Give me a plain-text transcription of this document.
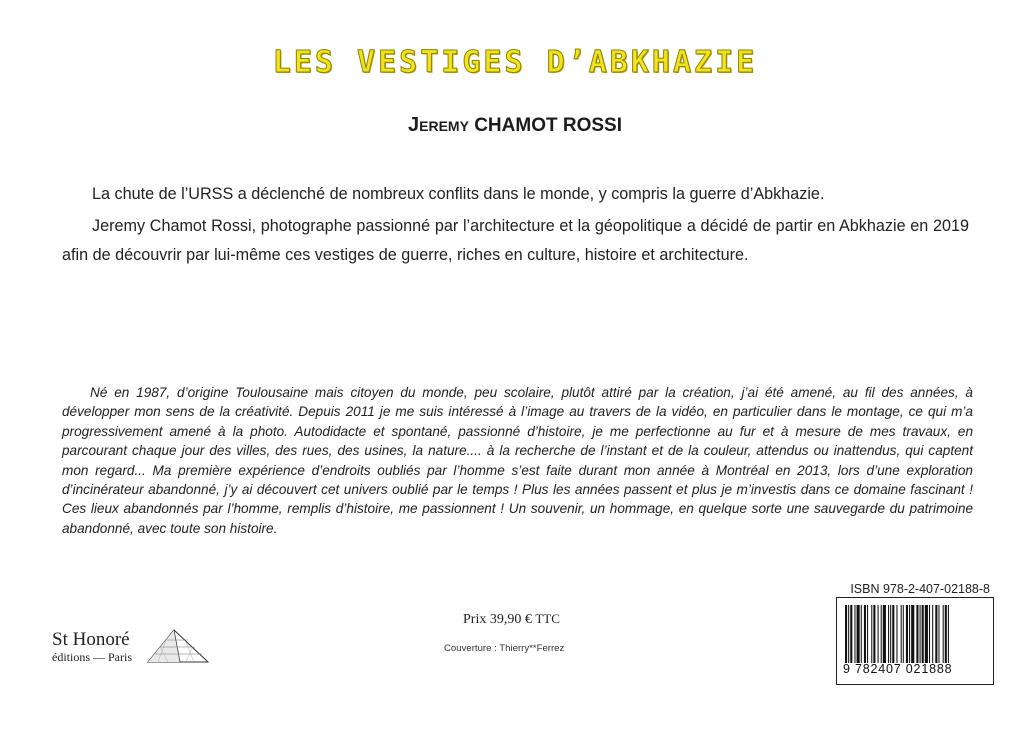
LES VESTIGES D’ABKHAZIE
Jeremy CHAMOT ROSSI

La chute de l’URSS a déclenché de nombreux conflits dans le monde, y compris la guerre d’Abkhazie.

Jeremy Chamot Rossi, photographe passionné par l’architecture et la géopolitique a décidé de partir en Abkhazie en 2019 afin de découvrir par lui-même ces vestiges de guerre, riches en culture, histoire et architecture.

Né en 1987, d’origine Toulousaine mais citoyen du monde, peu scolaire, plutôt attiré par la création, j’ai été amené, au fil des années, à développer mon sens de la créativité. Depuis 2011 je me suis intéressé à l’image au travers de la vidéo, en particulier dans le montage, ce qui m’a progressivement amené à la photo. Autodidacte et spontané, passionné d’histoire, je me perfectionne au fur et à mesure de mes travaux, en parcourant chaque jour des villes, des rues, des usines, la nature.... à la recherche de l’instant et de la couleur, attendus ou inattendus, qui captent mon regard... Ma première expérience d’endroits oubliés par l’homme s’est faite durant mon année à Montréal en 2013, lors d’une exploration d’incinérateur abandonné, j’y ai découvert cet univers oublié par le temps ! Plus les années passent et plus je m’investis dans ce domaine fascinant ! Ces lieux abandonnés par l’homme, remplis d’histoire, me passionnent ! Un souvenir, un hommage, en quelque sorte une sauvegarde du patrimoine abandonné, avec toute son histoire.

ISBN 978-2-407-02188-8
9 782407 021888
Prix 39,90 € TTC
Couverture : Thierry**Ferrez
St Honoré
éditions — Paris
